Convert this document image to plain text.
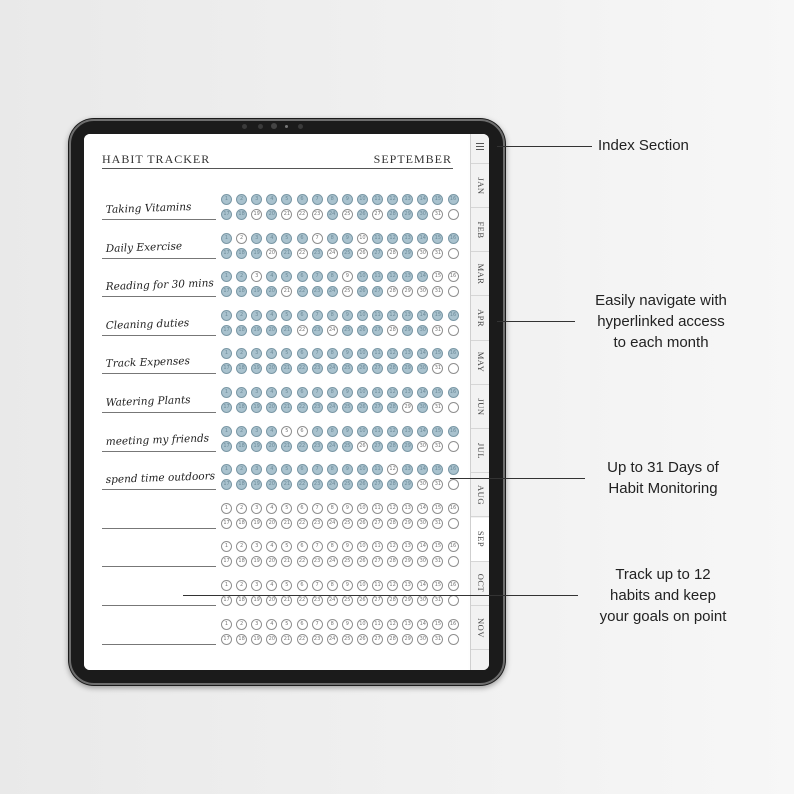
HABIT TRACKER	SEPTEMBER
Taking Vitamins
1	2	3	4	5	6	7	8	9	10	11	12	13	14	15	16
17	18	19	20	21	22	23	24	25	26	27	28	29	30	31
Daily Exercise
1	2	3	4	5	6	7	8	9	10	11	12	13	14	15	16
17	18	19	20	21	22	23	24	25	26	27	28	29	30	31
Reading for 30 mins
1	2	3	4	5	6	7	8	9	10	11	12	13	14	15	16
17	18	19	20	21	22	23	24	25	26	27	28	29	30	31
Cleaning duties
1	2	3	4	5	6	7	8	9	10	11	12	13	14	15	16
17	18	19	20	21	22	23	24	25	26	27	28	29	30	31
Track Expenses
1	2	3	4	5	6	7	8	9	10	11	12	13	14	15	16
17	18	19	20	21	22	23	24	25	26	27	28	29	30	31
Watering Plants
1	2	3	4	5	6	7	8	9	10	11	12	13	14	15	16
17	18	19	20	21	22	23	24	25	26	27	28	29	30	31
meeting my friends
1	2	3	4	5	6	7	8	9	10	11	12	13	14	15	16
17	18	19	20	21	22	23	24	25	26	27	28	29	30	31
spend time outdoors
1	2	3	4	5	6	7	8	9	10	11	12	13	14	15	16
17	18	19	20	21	22	23	24	25	26	27	28	29	30	31
1	2	3	4	5	6	7	8	9	10	11	12	13	14	15	16
17	18	19	20	21	22	23	24	25	26	27	28	29	30	31
1	2	3	4	5	6	7	8	9	10	11	12	13	14	15	16
17	18	19	20	21	22	23	24	25	26	27	28	29	30	31
1	2	3	4	5	6	7	8	9	10	11	12	13	14	15	16
17	18	19	20	21	22	23	24	25	26	27	28	29	30	31
1	2	3	4	5	6	7	8	9	10	11	12	13	14	15	16
17	18	19	20	21	22	23	24	25	26	27	28	29	30	31
JAN
FEB
MAR
APR
MAY
JUN
JUL
AUG
SEP
OCT
NOV
Index Section
Easily navigate with
hyperlinked access
to each month
Up to 31 Days of
Habit Monitoring
Track up to 12
habits and keep
your goals on point
